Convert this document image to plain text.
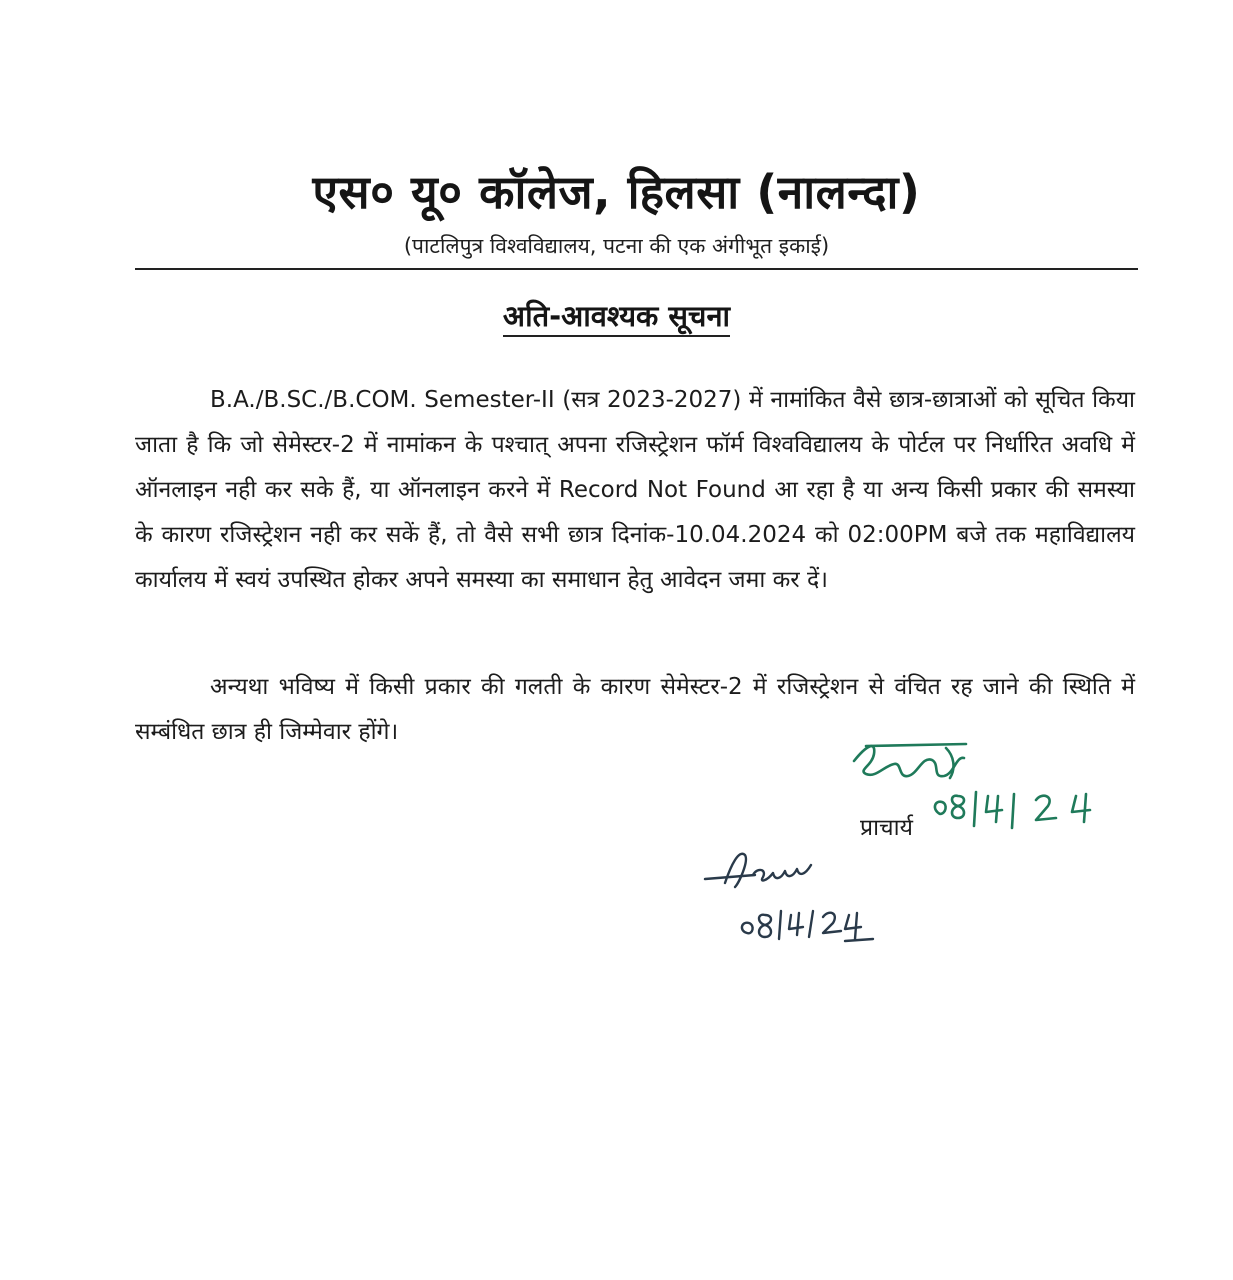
एस० यू० कॉलेज, हिलसा (नालन्दा)
(पाटलिपुत्र विश्वविद्यालय, पटना की एक अंगीभूत इकाई)
अति-आवश्यक सूचना
B.A./B.SC./B.COM. Semester-II (सत्र 2023-2027) में नामांकित वैसे छात्र-छात्राओं को सूचित किया जाता है कि जो सेमेस्टर-2 में नामांकन के पश्चात् अपना रजिस्ट्रेशन फॉर्म विश्वविद्यालय के पोर्टल पर निर्धारित अवधि में ऑनलाइन नही कर सके हैं, या ऑनलाइन करने में Record Not Found आ रहा है या अन्य किसी प्रकार की समस्या के कारण रजिस्ट्रेशन नही कर सकें हैं, तो वैसे सभी छात्र दिनांक-10.04.2024 को 02:00PM बजे तक महाविद्यालय कार्यालय में स्वयं उपस्थित होकर अपने समस्या का समाधान हेतु आवेदन जमा कर दें।
अन्यथा भविष्य में किसी प्रकार की गलती के कारण सेमेस्टर-2 में रजिस्ट्रेशन से वंचित रह जाने की स्थिति में सम्बंधित छात्र ही जिम्मेवार होंगे।
प्राचार्य
